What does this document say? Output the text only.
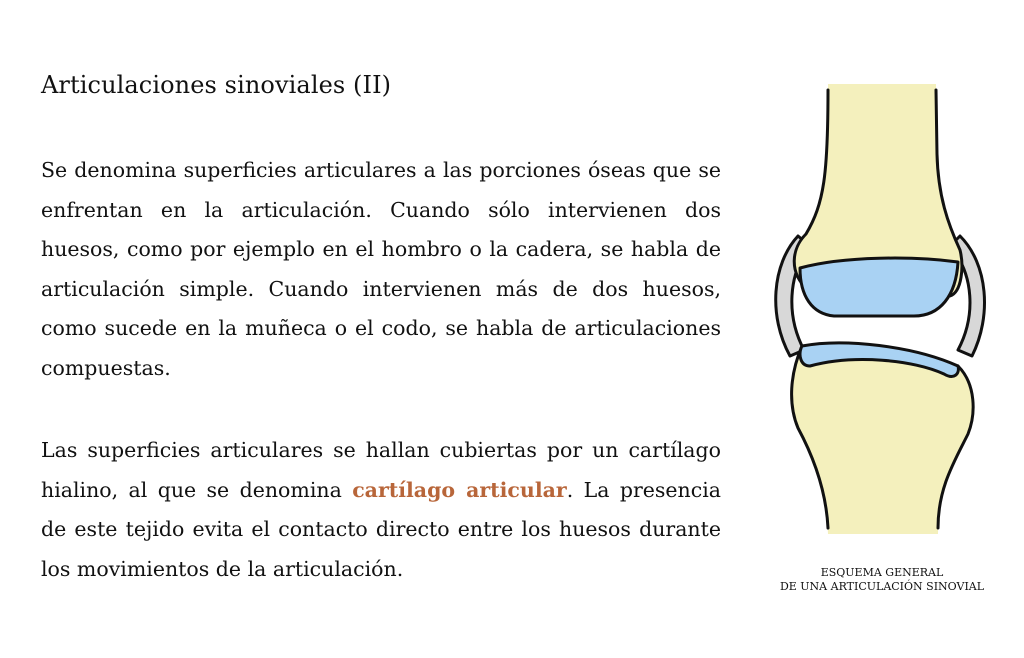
Articulaciones sinoviales (II)

Se denomina superficies articulares a las porciones óseas que se enfrentan en la articulación. Cuando sólo intervienen dos huesos, como por ejemplo en el hombro o la cadera, se habla de articulación simple. Cuando intervienen más de dos huesos, como sucede en la muñeca o el codo, se habla de articulaciones compuestas.

Las superficies articulares se hallan cubiertas por un cartílago hialino, al que se denomina cartílago articular. La presencia de este tejido evita el contacto directo entre los huesos durante los movimientos de la articulación.	ESQUEMA GENERAL
DE UNA ARTICULACIÓN SINOVIAL
